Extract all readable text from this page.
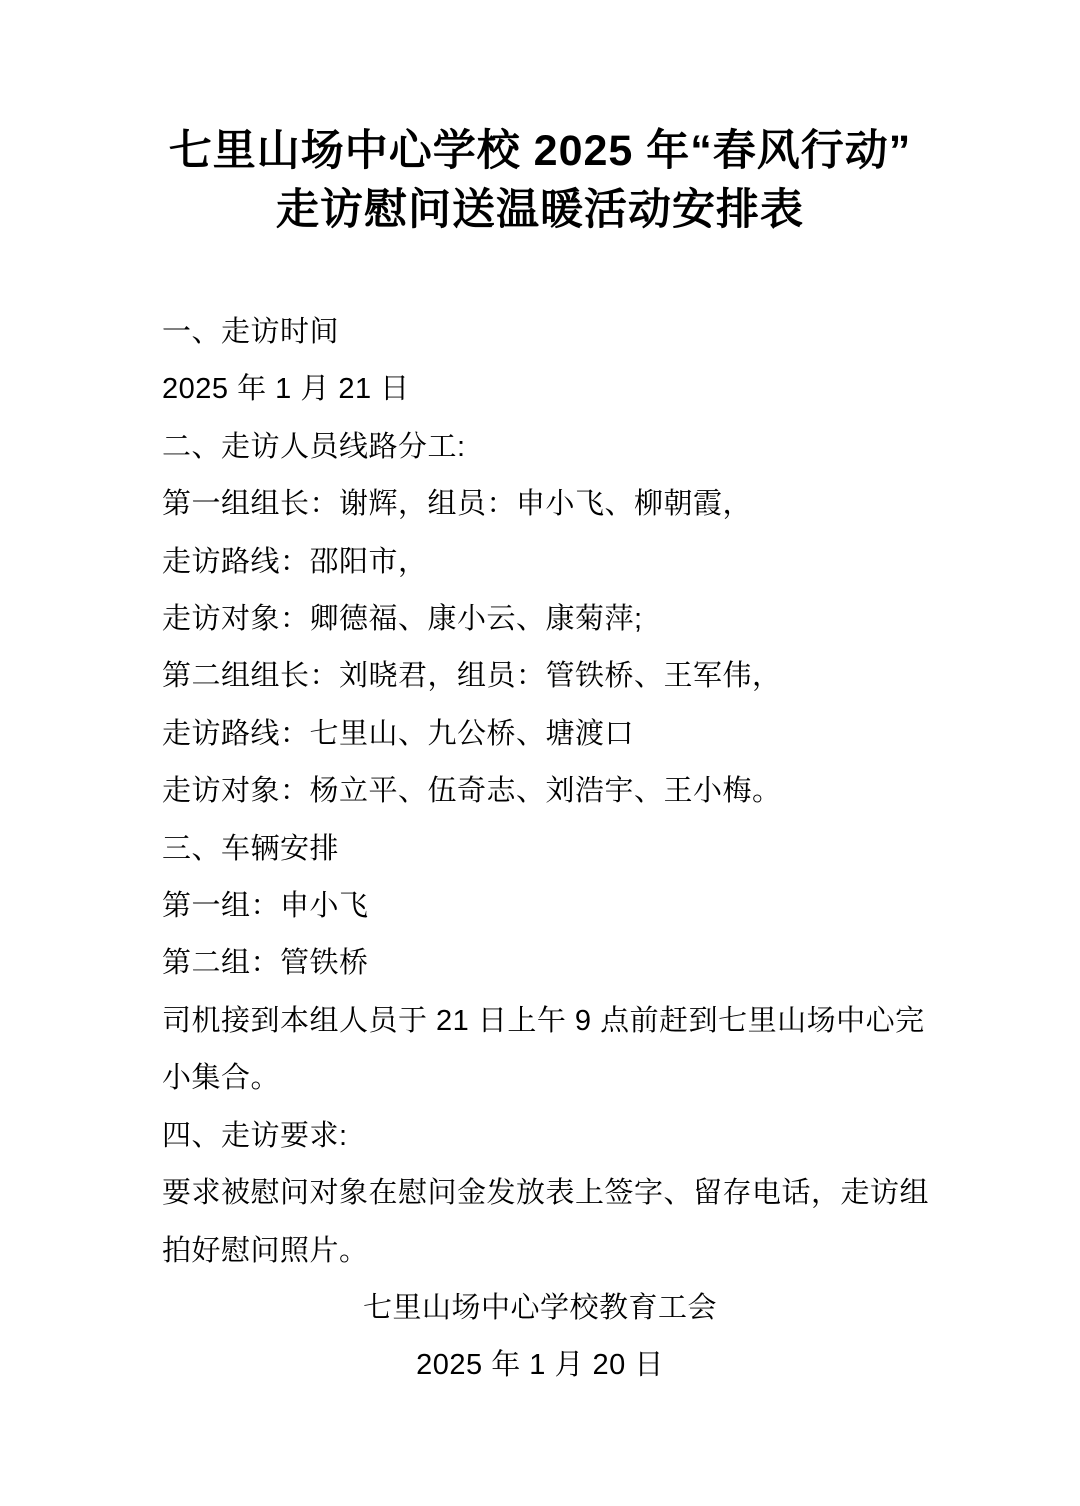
七里山场中心学校 2025 年“春风行动”
走访慰问送温暖活动安排表
一、走访时间
2025 年 1 月 21 日
二、走访人员线路分工:
第一组组长：谢辉，组员：申小飞、柳朝霞，
走访路线：邵阳市，
走访对象：卿德福、康小云、康菊萍;
第二组组长：刘晓君，组员：管铁桥、王军伟，
走访路线：七里山、九公桥、塘渡口
走访对象：杨立平、伍奇志、刘浩宇、王小梅。
三、车辆安排
第一组：申小飞
第二组：管铁桥
司机接到本组人员于 21 日上午 9 点前赶到七里山场中心完
小集合。
四、走访要求:
要求被慰问对象在慰问金发放表上签字、留存电话，走访组
拍好慰问照片。
七里山场中心学校教育工会
2025 年 1 月 20 日
